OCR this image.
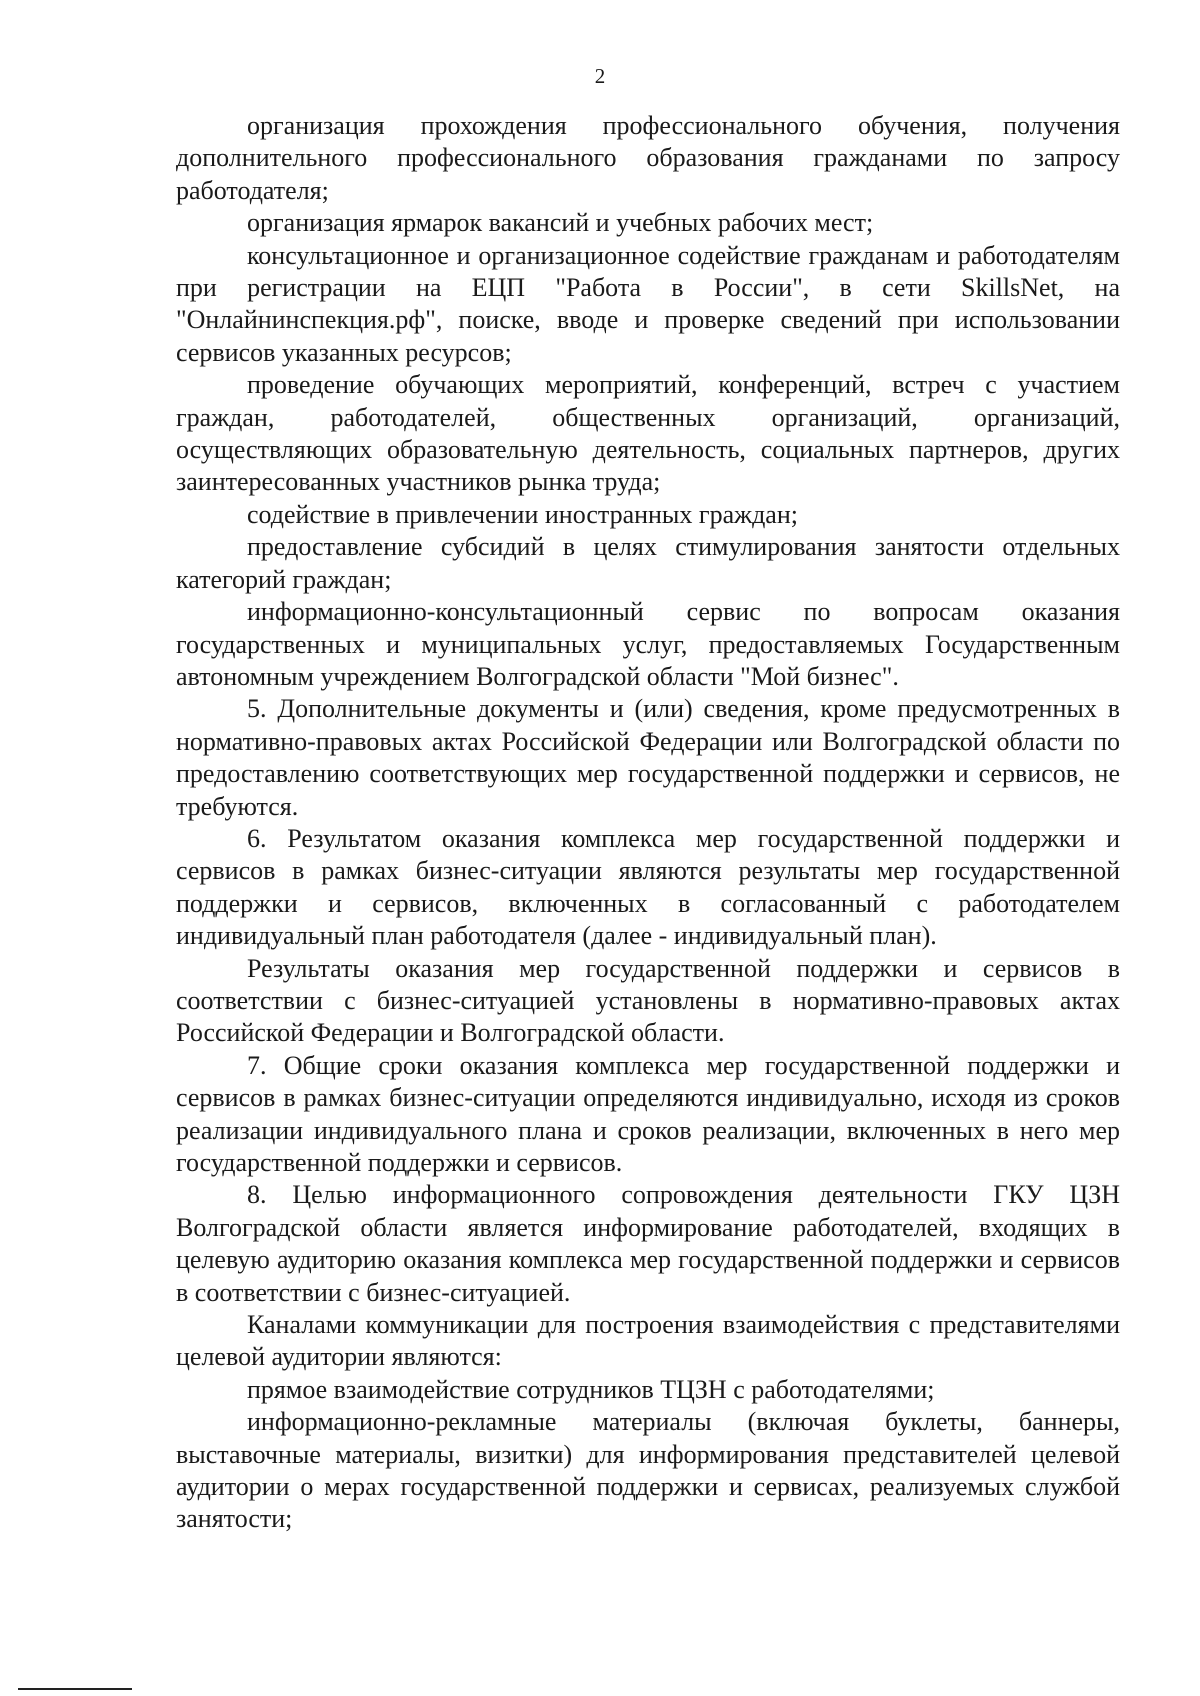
2

организация прохождения профессионального обучения, получения дополнительного профессионального образования гражданами по запросу работодателя;

организация ярмарок вакансий и учебных рабочих мест;

консультационное и организационное содействие гражданам и работодателям при регистрации на ЕЦП "Работа в России", в сети SkillsNet, на "Онлайнинспекция.рф", поиске, вводе и проверке сведений при использовании сервисов указанных ресурсов;

проведение обучающих мероприятий, конференций, встреч с участием граждан, работодателей, общественных организаций, организаций, осуществляющих образовательную деятельность, социальных партнеров, других заинтересованных участников рынка труда;

содействие в привлечении иностранных граждан;

предоставление субсидий в целях стимулирования занятости отдельных категорий граждан;

информационно-консультационный сервис по вопросам оказания государственных и муниципальных услуг, предоставляемых Государственным автономным учреждением Волгоградской области "Мой бизнес".

5. Дополнительные документы и (или) сведения, кроме предусмотренных в нормативно-правовых актах Российской Федерации или Волгоградской области по предоставлению соответствующих мер государственной поддержки и сервисов, не требуются.

6. Результатом оказания комплекса мер государственной поддержки и сервисов в рамках бизнес-ситуации являются результаты мер государственной поддержки и сервисов, включенных в согласованный с работодателем индивидуальный план работодателя (далее - индивидуальный план).

Результаты оказания мер государственной поддержки и сервисов в соответствии с бизнес-ситуацией установлены в нормативно-правовых актах Российской Федерации и Волгоградской области.

7. Общие сроки оказания комплекса мер государственной поддержки и сервисов в рамках бизнес-ситуации определяются индивидуально, исходя из сроков реализации индивидуального плана и сроков реализации, включенных в него мер государственной поддержки и сервисов.

8. Целью информационного сопровождения деятельности ГКУ ЦЗН Волгоградской области является информирование работодателей, входящих в целевую аудиторию оказания комплекса мер государственной поддержки и сервисов в соответствии с бизнес-ситуацией.

Каналами коммуникации для построения взаимодействия с представителями целевой аудитории являются:

прямое взаимодействие сотрудников ТЦЗН с работодателями;

информационно-рекламные материалы (включая буклеты, баннеры, выставочные материалы, визитки) для информирования представителей целевой аудитории о мерах государственной поддержки и сервисах, реализуемых службой занятости;
